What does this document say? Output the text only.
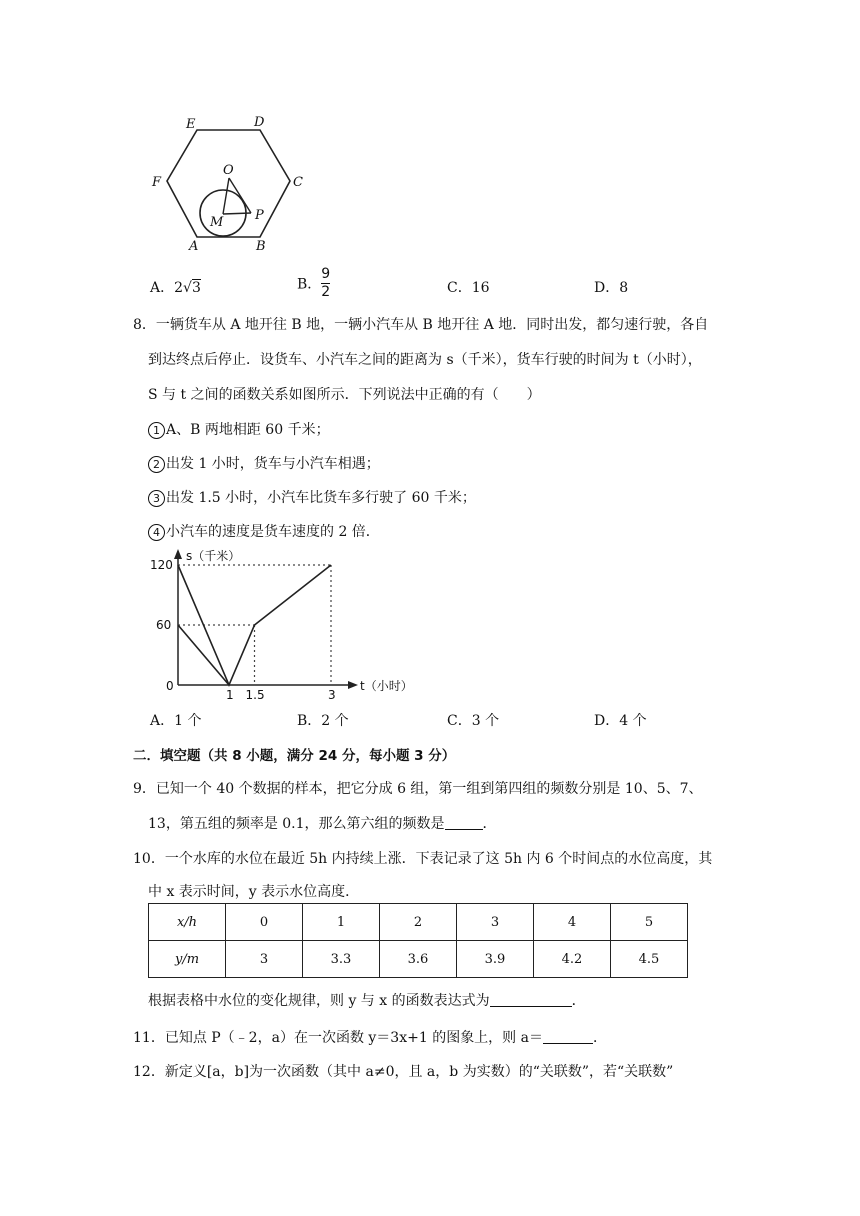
E	D
F	C
O
M P
A	B
A．2√3	B． $\frac{9}{2}$	C．16	D．8
8．一辆货车从 A 地开往 B 地，一辆小汽车从 B 地开往 A 地．同时出发，都匀速行驶，各自
到达终点后停止．设货车、小汽车之间的距离为 s（千米），货车行驶的时间为 t（小时），
S 与 t 之间的函数关系如图所示．下列说法中正确的有（　　）
1 A、B 两地相距 60 千米；
2 出发 1 小时，货车与小汽车相遇；
3 出发 1.5 小时，小汽车比货车多行驶了 60 千米；
4 小汽车的速度是货车速度的 2 倍．
120
60
0
1 1.5	3
s（千米）
t（小时）
A．1 个	B．2 个	C．3 个	D．4 个
二．填空题（共 8 小题，满分 24 分，每小题 3 分）
9．已知一个 40 个数据的样本，把它分成 6 组，第一组到第四组的频数分别是 10、5、7、
13，第五组的频率是 0.1，那么第六组的频数是	．
10．一个水库的水位在最近 5h 内持续上涨．下表记录了这 5h 内 6 个时间点的水位高度，其
中 x 表示时间，y 表示水位高度．
x/h	0	1	2	3	4	5
y/m	3	3.3	3.6	3.9	4.2	4.5
根据表格中水位的变化规律，则 y 与 x 的函数表达式为	．
11．已知点 P（﹣2，a）在一次函数 y＝3x+1 的图象上，则 a＝	．
12．新定义[a，b]为一次函数（其中 a≠0，且 a，b 为实数）的“关联数”，若“关联数”
